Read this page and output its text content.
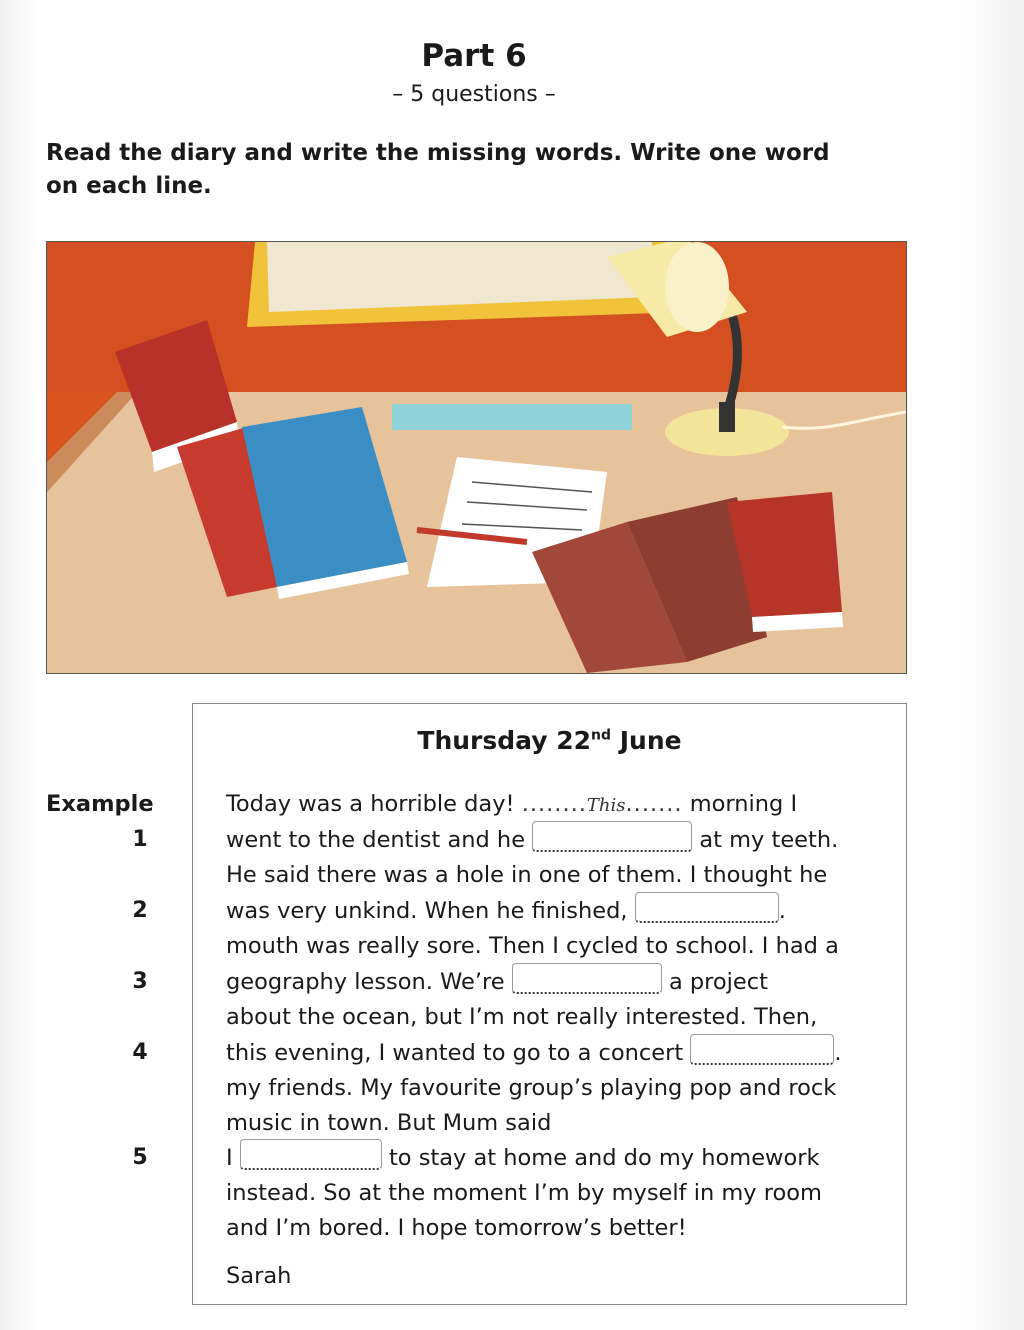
Part 6
– 5 questions –
Read the diary and write the missing words. Write one word on each line.
Thursday 22nd June
Example	Today was a horrible day! ........This....... morning I
1	went to the dentist and he	at my teeth.
He said there was a hole in one of them. I thought he
2	was very unkind. When he finished,	.
mouth was really sore. Then I cycled to school. I had a
3	geography lesson. We’re	a project
about the ocean, but I’m not really interested. Then,
4	this evening, I wanted to go to a concert	.
my friends. My favourite group’s playing pop and rock
music in town. But Mum said
5	I	to stay at home and do my homework
instead. So at the moment I’m by myself in my room
and I’m bored. I hope tomorrow’s better!
Sarah
